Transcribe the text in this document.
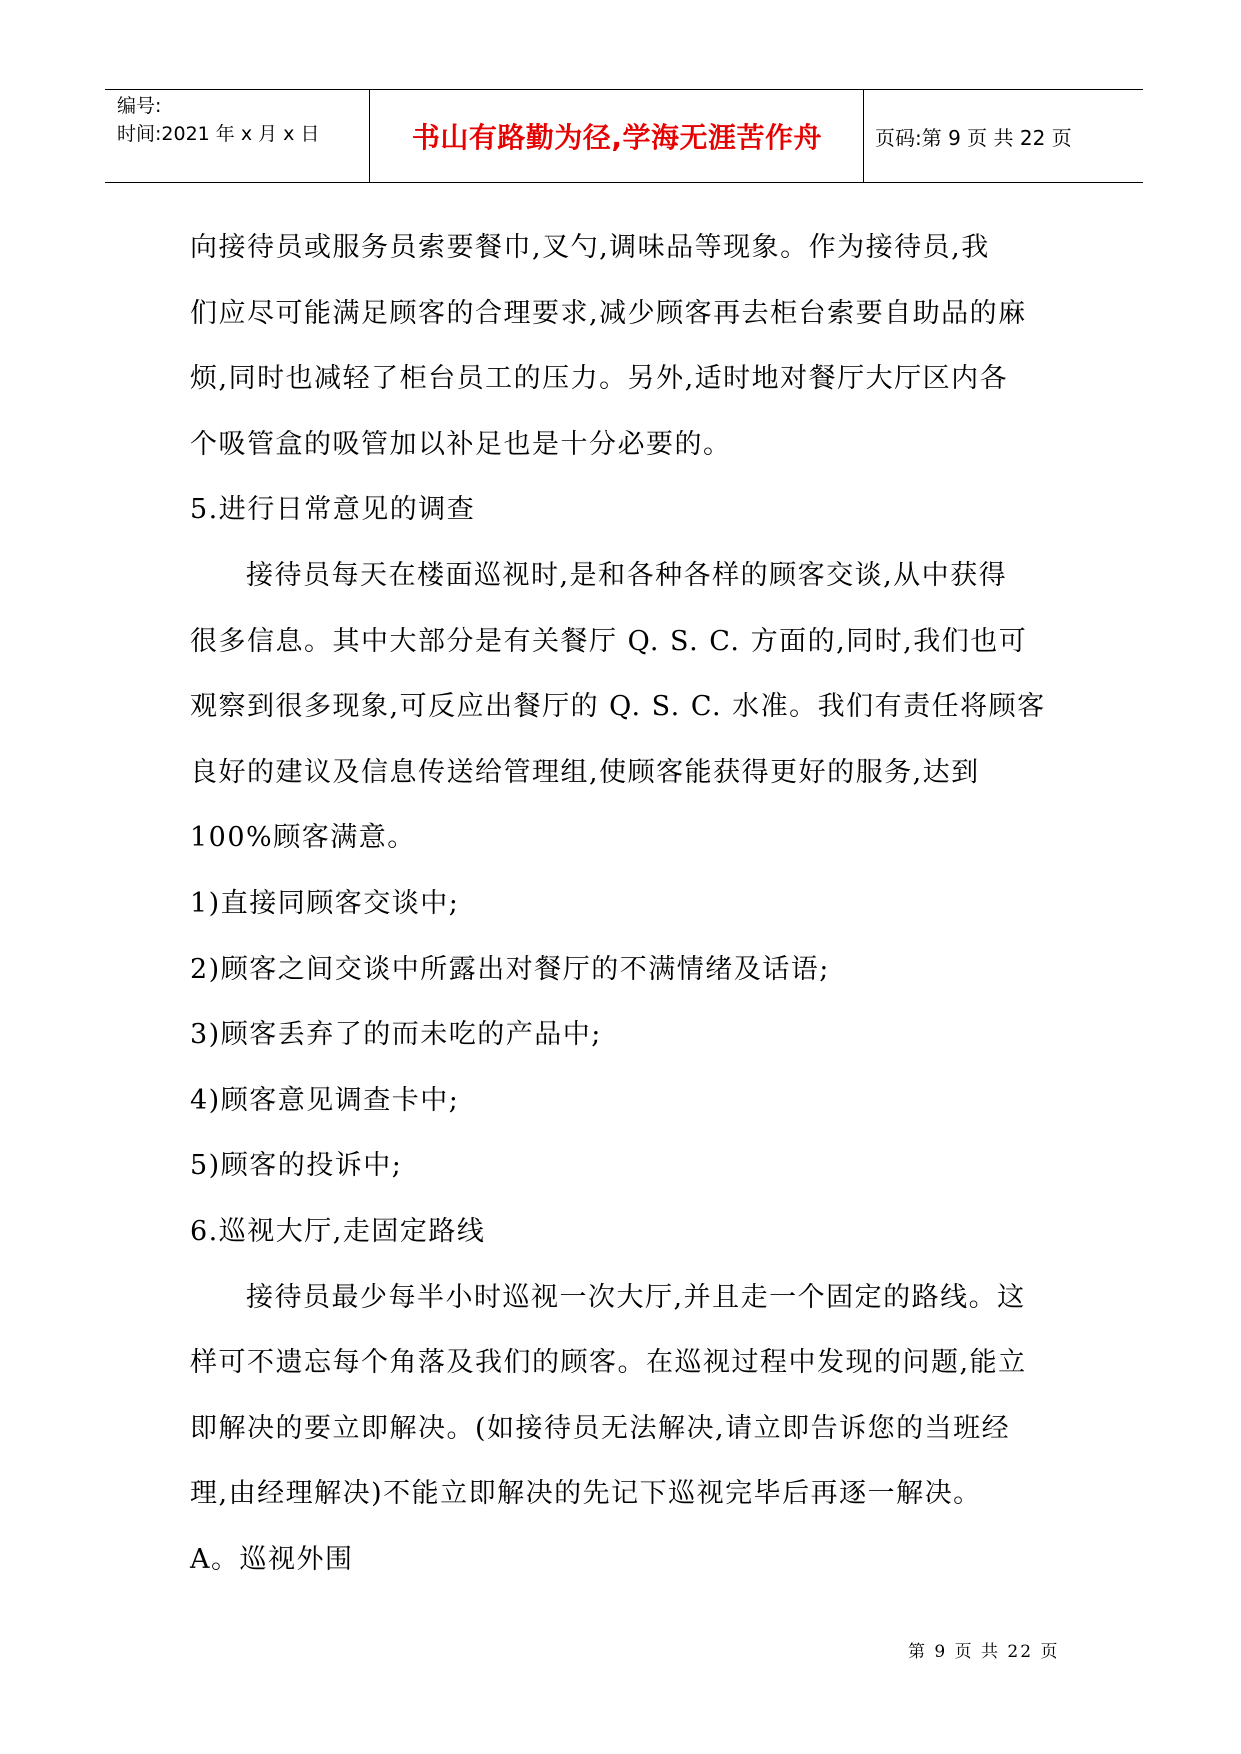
编号:
时间:2021 年 x 月 x 日	书山有路勤为径,学海无涯苦作舟	页码:第 9 页 共 22 页
向接待员或服务员索要餐巾,叉勺,调味品等现象。作为接待员,我
们应尽可能满足顾客的合理要求,减少顾客再去柜台索要自助品的麻
烦,同时也减轻了柜台员工的压力。另外,适时地对餐厅大厅区内各
个吸管盒的吸管加以补足也是十分必要的。
5.进行日常意见的调查
接待员每天在楼面巡视时,是和各种各样的顾客交谈,从中获得
很多信息。其中大部分是有关餐厅 Q. S. C. 方面的,同时,我们也可
观察到很多现象,可反应出餐厅的 Q. S. C. 水准。我们有责任将顾客
良好的建议及信息传送给管理组,使顾客能获得更好的服务,达到
100%顾客满意。
1)直接同顾客交谈中;
2)顾客之间交谈中所露出对餐厅的不满情绪及话语;
3)顾客丢弃了的而未吃的产品中;
4)顾客意见调查卡中;
5)顾客的投诉中;
6.巡视大厅,走固定路线
接待员最少每半小时巡视一次大厅,并且走一个固定的路线。这
样可不遗忘每个角落及我们的顾客。在巡视过程中发现的问题,能立
即解决的要立即解决。(如接待员无法解决,请立即告诉您的当班经
理,由经理解决)不能立即解决的先记下巡视完毕后再逐一解决。
A。巡视外围
第 9 页 共 22 页
